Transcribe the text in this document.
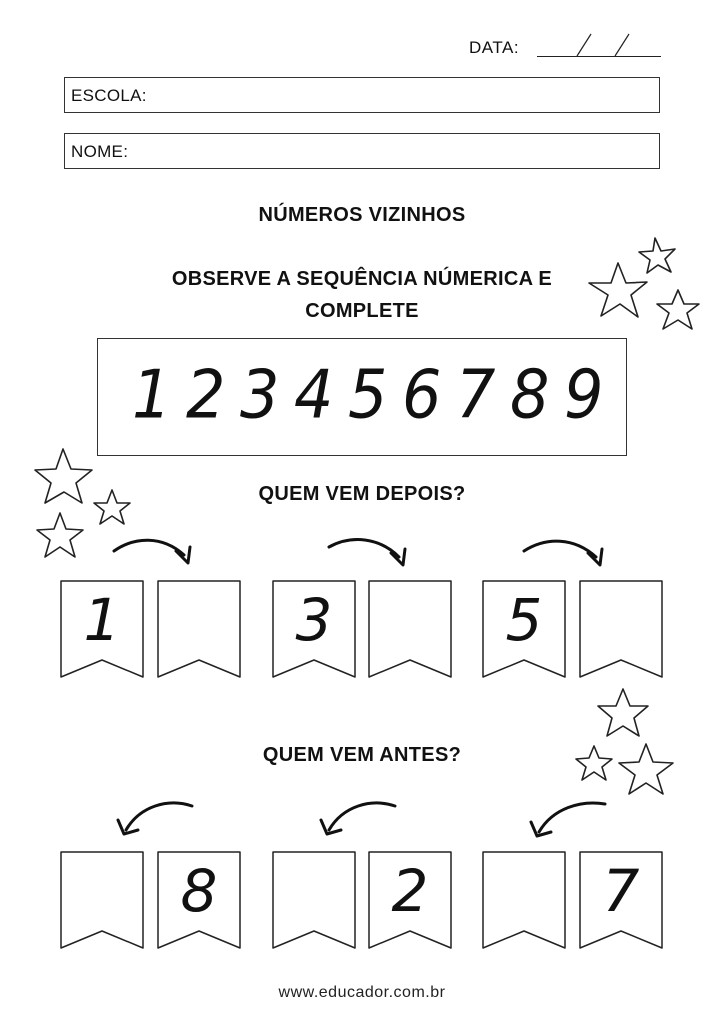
DATA:
ESCOLA:
NOME:
NÚMEROS VIZINHOS
OBSERVE A SEQUÊNCIA NÚMERICA E
COMPLETE
1 2 3 4 5 6 7 8 9
QUEM VEM DEPOIS?
1	3	5
QUEM VEM ANTES?
8	2	7
www.educador.com.br
